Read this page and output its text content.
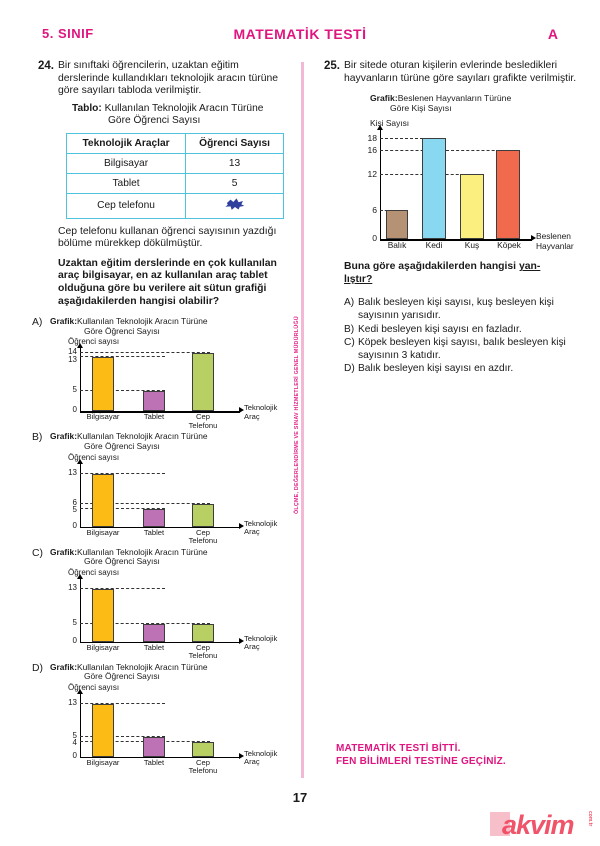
5. SINIF	MATEMATİK TESTİ	A
ÖLÇME, DEĞERLENDİRME VE SINAV HİZMETLERİ GENEL MÜDÜRLÜĞÜ
24. Bir sınıftaki öğrencilerin, uzaktan eğitim derslerinde kullandıkları teknolojik aracın türüne göre sayıları tabloda verilmiştir.
Tablo: Kullanılan Teknolojik Aracın Türüne
Göre Öğrenci Sayısı
Teknolojik Araçlar	Öğrenci Sayısı
Bilgisayar	13
Tablet	5
Cep telefonu	
Cep telefonu kullanan öğrenci sayısının yazdığı bölüme mürekkep dökülmüştür.
Uzaktan eğitim derslerinde en çok kullanılan araç bilgisayar, en az kullanılan araç tablet olduğuna göre bu verilere ait sütun grafiği aşağıdakilerden hangisi olabilir?
A) Grafik:Kullanılan Teknolojik Aracın Türüne
Göre Öğrenci Sayısı
Öğrenci sayısı
14
13
5
0
Bilgisayar	Tablet	Cep
Telefonu
Teknolojik
Araç
B) Grafik:Kullanılan Teknolojik Aracın Türüne
Göre Öğrenci Sayısı
Öğrenci sayısı
13
6
5
0
Bilgisayar	Tablet	Cep
Telefonu
Teknolojik
Araç
C) Grafik:Kullanılan Teknolojik Aracın Türüne
Göre Öğrenci Sayısı
Öğrenci sayısı
13
5
0
Bilgisayar	Tablet	Cep
Telefonu
Teknolojik
Araç
D) Grafik:Kullanılan Teknolojik Aracın Türüne
Göre Öğrenci Sayısı
Öğrenci sayısı
13
5
4
0
Bilgisayar	Tablet	Cep
Telefonu
Teknolojik
Araç
25. Bir sitede oturan kişilerin evlerinde besledikleri hayvanların türüne göre sayıları grafikte verilmiştir.
Grafik:Beslenen Hayvanların Türüne
Göre Kişi Sayısı
Kişi Sayısı
18
16
12
6
0
Balık	Kedi	Kuş	Köpek
Beslenen
Hayvanlar
Buna göre aşağıdakilerden hangisi yan-
lıştır?
A) Balık besleyen kişi sayısı, kuş besleyen kişi sayısının yarısıdır.
B) Kedi besleyen kişi sayısı en fazladır.
C) Köpek besleyen kişi sayısı, balık besleyen kişi sayısının 3 katıdır.
D) Balık besleyen kişi sayısı en azdır.
MATEMATİK TESTİ BİTTİ.
FEN BİLİMLERİ TESTİNE GEÇİNİZ.
17
akvim	com.tr
